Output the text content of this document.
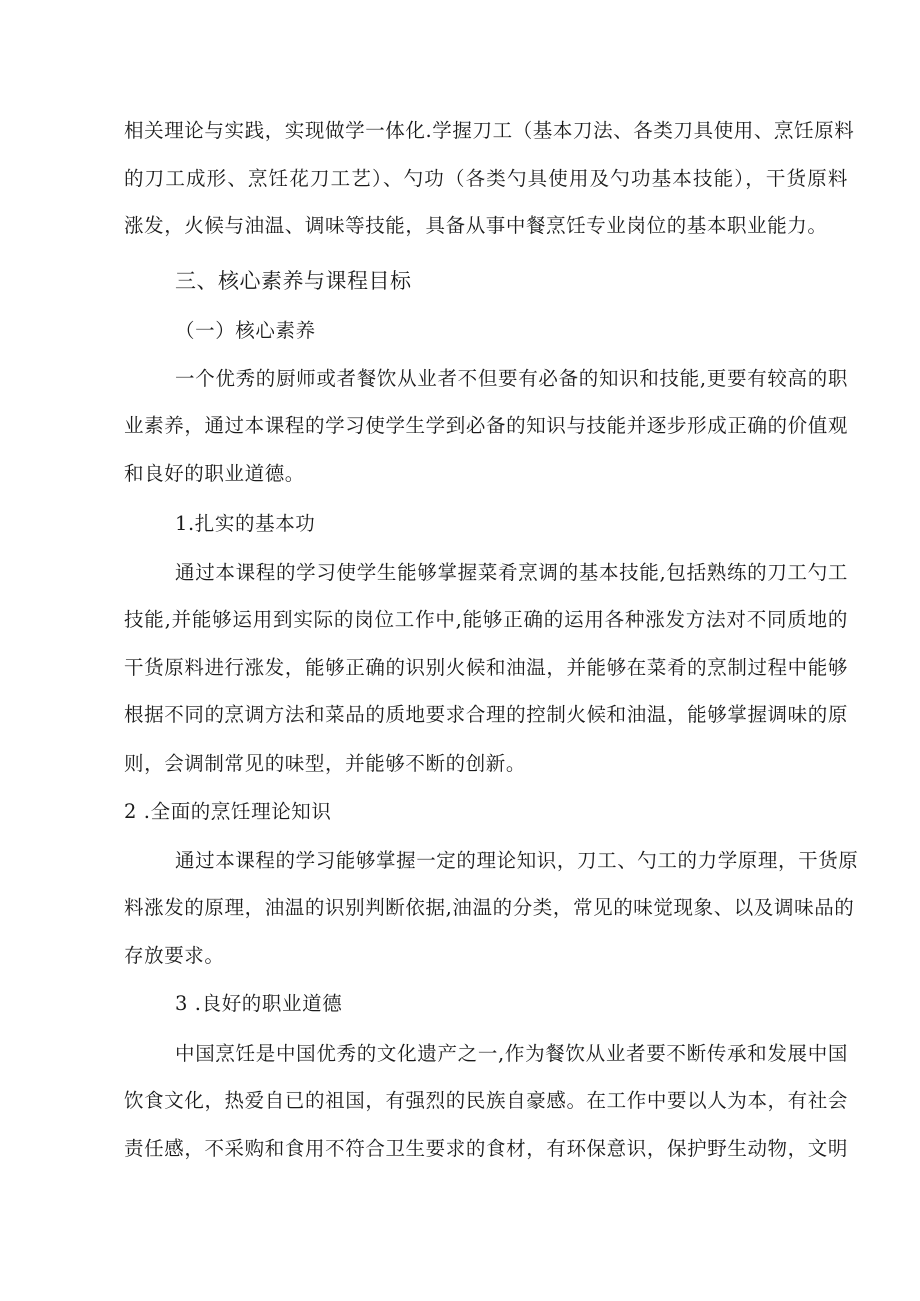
相关理论与实践，实现做学一体化.学握刀工（基本刀法、各类刀具使用、烹饪原料
的刀工成形、烹饪花刀工艺）、勺功（各类勺具使用及勺功基本技能），干货原料
涨发，火候与油温、调味等技能，具备从事中餐烹饪专业岗位的基本职业能力。
三、核心素养与课程目标
（一）核心素养
一个优秀的厨师或者餐饮从业者不但要有必备的知识和技能,更要有较高的职
业素养，通过本课程的学习使学生学到必备的知识与技能并逐步形成正确的价值观
和良好的职业道德。
1.扎实的基本功
通过本课程的学习使学生能够掌握菜肴烹调的基本技能,包括熟练的刀工勺工
技能,并能够运用到实际的岗位工作中,能够正确的运用各种涨发方法对不同质地的
干货原料进行涨发，能够正确的识别火候和油温，并能够在菜肴的烹制过程中能够
根据不同的烹调方法和菜品的质地要求合理的控制火候和油温，能够掌握调味的原
则，会调制常见的味型，并能够不断的创新。
2 .全面的烹饪理论知识
通过本课程的学习能够掌握一定的理论知识，刀工、勺工的力学原理，干货原
料涨发的原理，油温的识别判断依据,油温的分类，常见的味觉现象、以及调味品的
存放要求。
3 .良好的职业道德
中国烹饪是中国优秀的文化遗产之一,作为餐饮从业者要不断传承和发展中国
饮食文化，热爱自已的祖国，有强烈的民族自豪感。在工作中要以人为本，有社会
责任感，不采购和食用不符合卫生要求的食材，有环保意识，保护野生动物，文明
